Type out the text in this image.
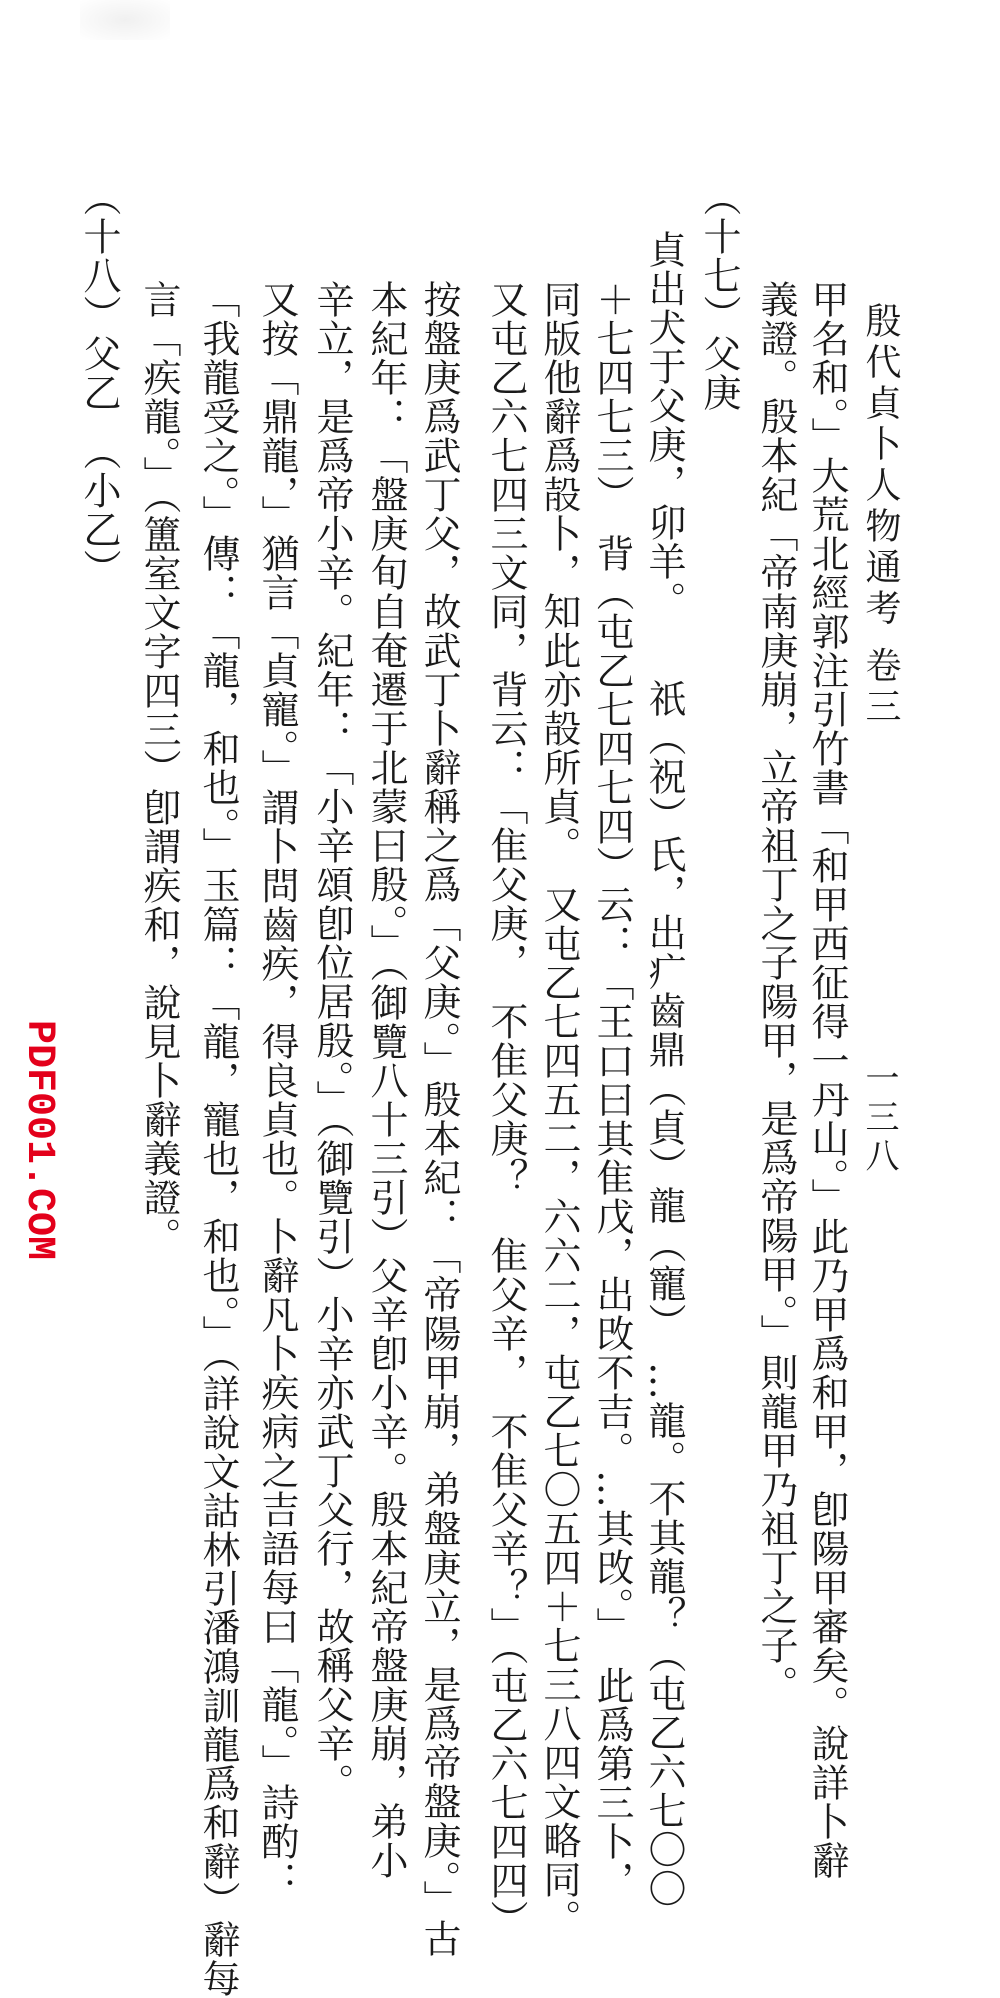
殷代貞卜人物通考 卷三
一三八
甲名和。」大荒北經郭注引竹書「和甲西征得一丹山。」此乃甲爲和甲，卽陽甲審矣。說詳卜辭
義證。殷本紀「帝南庚崩，立帝祖丁之子陽甲，是爲帝陽甲。」則龍甲乃祖丁之子。
（十七）父庚
貞出犬于父庚，卯羊。　　祇（祝）氏，出疒齒鼎（貞）龍（寵）　…龍。不其龍？（屯乙六七〇〇
＋七四七三）　背（屯乙七四七四）云：「王口曰其隹戊，出攺不吉。…其攺。」　此爲第三卜，
同版他辭爲㱿卜，知此亦㱿所貞。　又屯乙七四五二，六六二，屯乙七〇五四＋七三八四文略同。
又屯乙六七四三文同，背云：「隹父庚，　不隹父庚？　隹父辛，　不隹父辛？」（屯乙六七四四）
按盤庚爲武丁父，故武丁卜辭稱之爲「父庚。」殷本紀：「帝陽甲崩，弟盤庚立，是爲帝盤庚。」古
本紀年：「盤庚旬自奄遷于北蒙曰殷。」（御覽八十三引）父辛卽小辛。殷本紀帝盤庚崩，弟小
辛立，是爲帝小辛。紀年：「小辛頌卽位居殷。」（御覽引）小辛亦武丁父行，故稱父辛。
又按「鼎龍，」猶言「貞寵。」謂卜問齒疾，得良貞也。卜辭凡卜疾病之吉語每曰「龍。」詩酌：
「我龍受之。」傳：「龍，和也。」玉篇：「龍，寵也，和也。」（詳說文詁林引潘鴻訓龍爲和辭）辭每
言「疾龍。」（簠室文字四三）卽謂疾和，說見卜辭義證。
（十八）父乙　（小乙）
PDF001.COM
